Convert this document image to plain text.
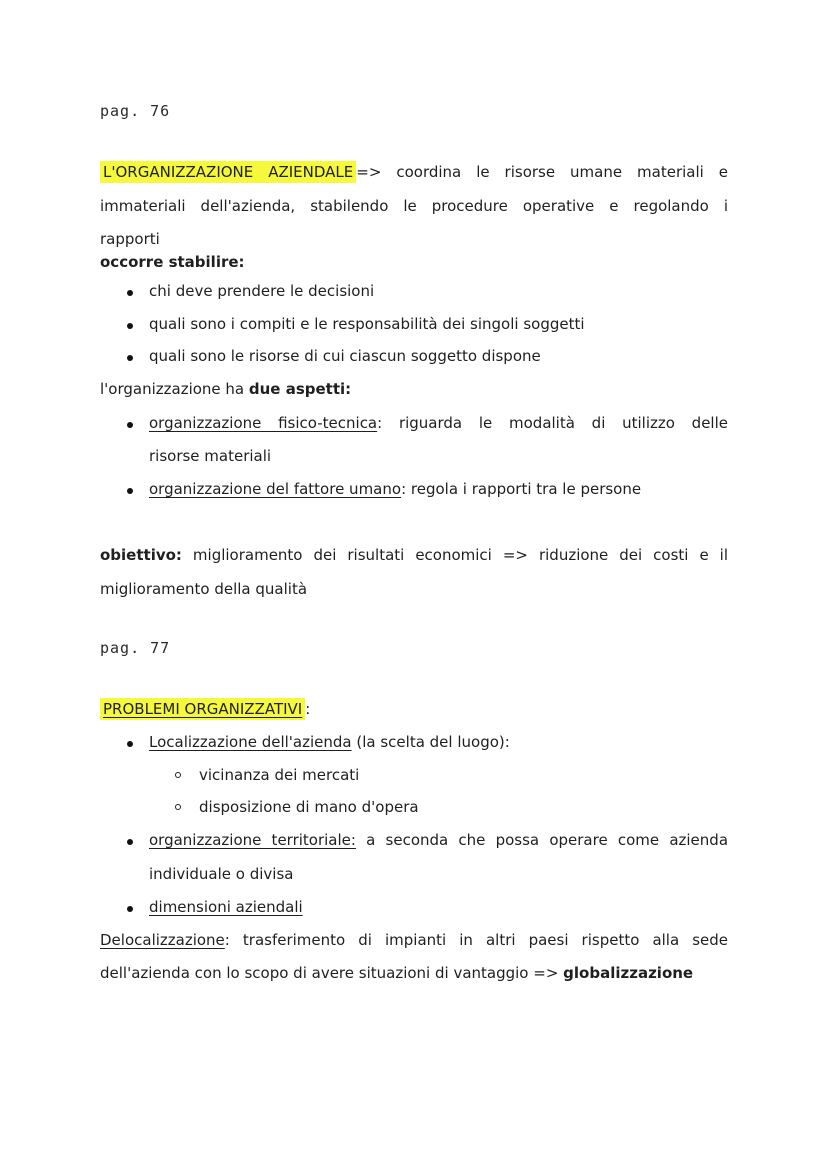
pag. 76
L'ORGANIZZAZIONE AZIENDALE => coordina le risorse umane materiali e
immateriali dell'azienda, stabilendo le procedure operative e regolando i
rapporti
occorre stabilire:
chi deve prendere le decisioni
quali sono i compiti e le responsabilità dei singoli soggetti
quali sono le risorse di cui ciascun soggetto dispone
l'organizzazione ha due aspetti:
organizzazione fisico-tecnica: riguarda le modalità di utilizzo delle
risorse materiali
organizzazione del fattore umano: regola i rapporti tra le persone
obiettivo: miglioramento dei risultati economici => riduzione dei costi e il
miglioramento della qualità
pag. 77
PROBLEMI ORGANIZZATIVI :
Localizzazione dell'azienda (la scelta del luogo):
vicinanza dei mercati
disposizione di mano d'opera
organizzazione territoriale: a seconda che possa operare come azienda
individuale o divisa
dimensioni aziendali
Delocalizzazione: trasferimento di impianti in altri paesi rispetto alla sede
dell'azienda con lo scopo di avere situazioni di vantaggio => globalizzazione
